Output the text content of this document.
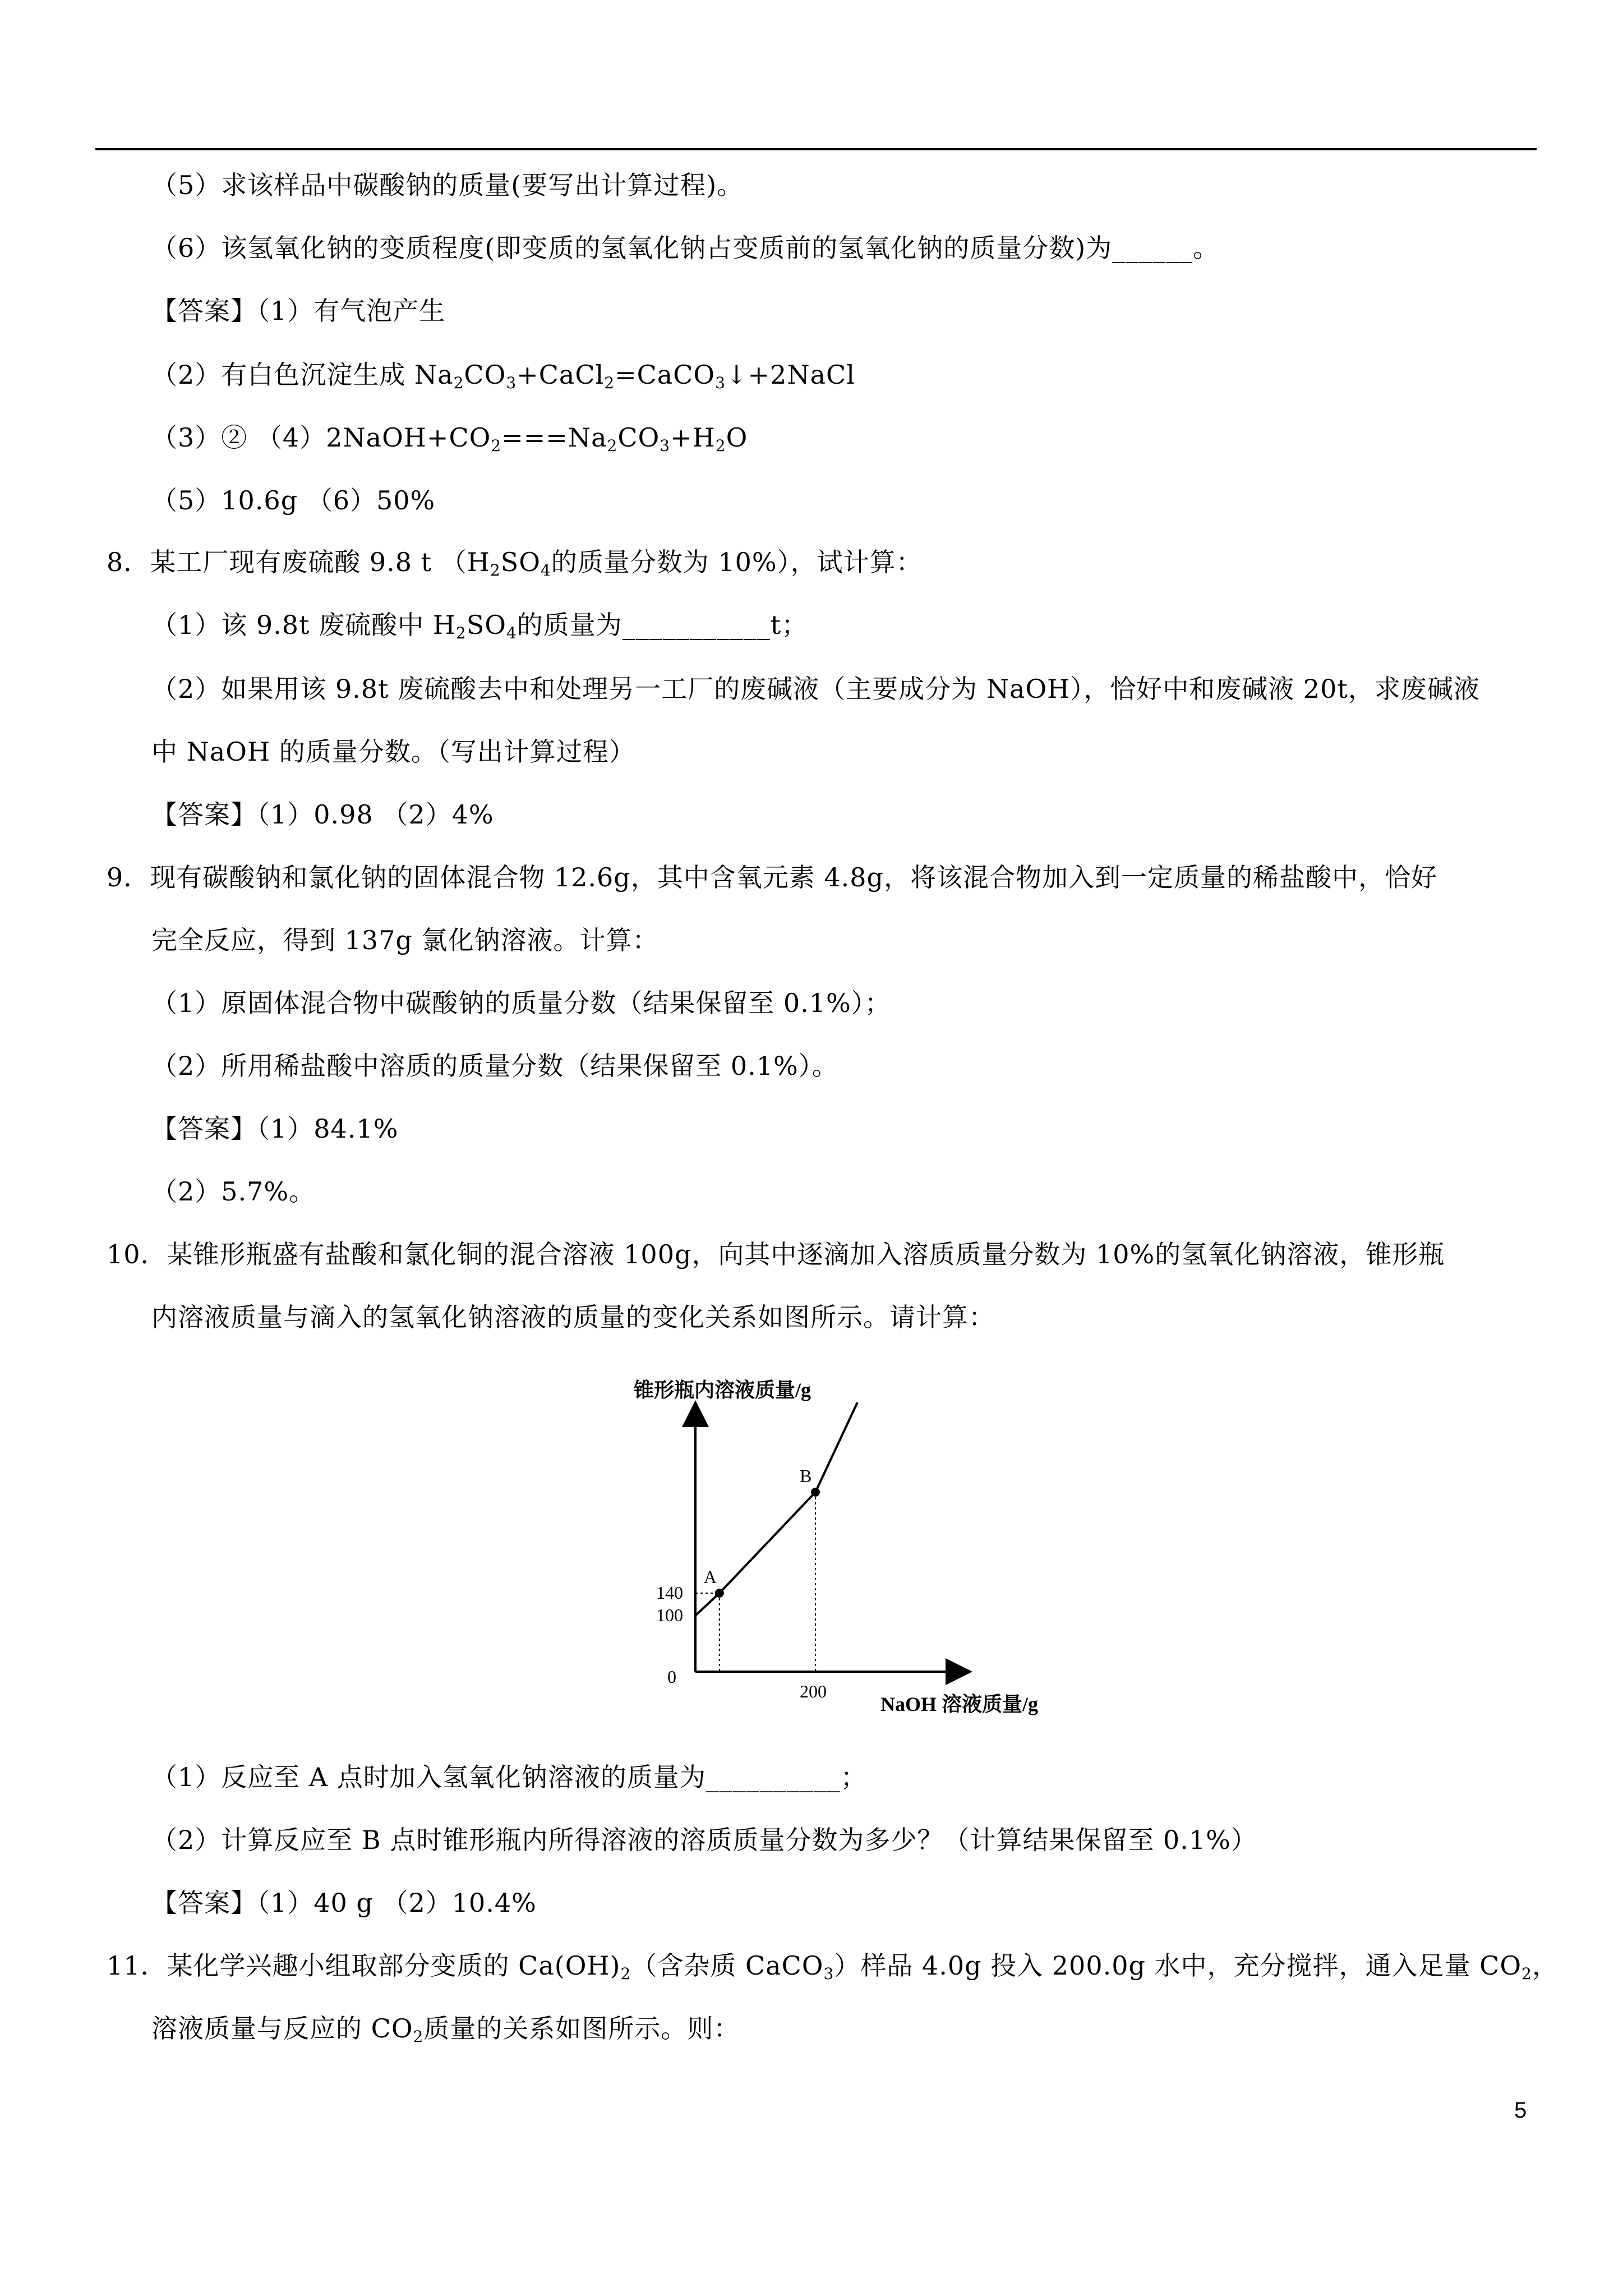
（5）求该样品中碳酸钠的质量(要写出计算过程)。
（6）该氢氧化钠的变质程度(即变质的氢氧化钠占变质前的氢氧化钠的质量分数)为______。
【答案】（1）有气泡产生
（2）有白色沉淀生成 $Na_2CO_3+CaCl_2=CaCO_3↓+2NaCl$
（3）② $(4)2NaOH+CO_2===Na_2CO_3+H_2O$
（5）10.6g （6）50%
8．某工厂现有废硫酸 9.8 t （$H_2SO_4$的质量分数为 10%），试计算：
（1）该 9.8t 废硫酸中 $H_2SO_4$的质量为___________t；
（2）如果用该 9.8t 废硫酸去中和处理另一工厂的废碱液（主要成分为 NaOH），恰好中和废碱液 20t，求废碱液
中 NaOH 的质量分数。（写出计算过程）
【答案】（1）0.98 （2）4%
9．现有碳酸钠和氯化钠的固体混合物 12.6g，其中含氧元素 4.8g，将该混合物加入到一定质量的稀盐酸中，恰好
完全反应，得到 137g 氯化钠溶液。计算：
（1）原固体混合物中碳酸钠的质量分数（结果保留至 0.1%）；
（2）所用稀盐酸中溶质的质量分数（结果保留至 0.1%）。
【答案】（1）84.1%
（2）5.7%。
10．某锥形瓶盛有盐酸和氯化铜的混合溶液 100g，向其中逐滴加入溶质质量分数为 10%的氢氧化钠溶液，锥形瓶
内溶液质量与滴入的氢氧化钠溶液的质量的变化关系如图所示。请计算：
锥形瓶内溶液质量/g
NaOH 溶液质量/g
0
A
B
140
100
200
（1）反应至 A 点时加入氢氧化钠溶液的质量为__________；
（2）计算反应至 B 点时锥形瓶内所得溶液的溶质质量分数为多少？（计算结果保留至 0.1%）
【答案】（1）40 g （2）10.4%
11．某化学兴趣小组取部分变质的 $Ca(OH)_2$（含杂质 CaCO$_3$）样品 4.0g 投入 200.0g 水中，充分搅拌，通入足量 $CO_2$，
溶液质量与反应的 $CO_2$质量的关系如图所示。则：
5
